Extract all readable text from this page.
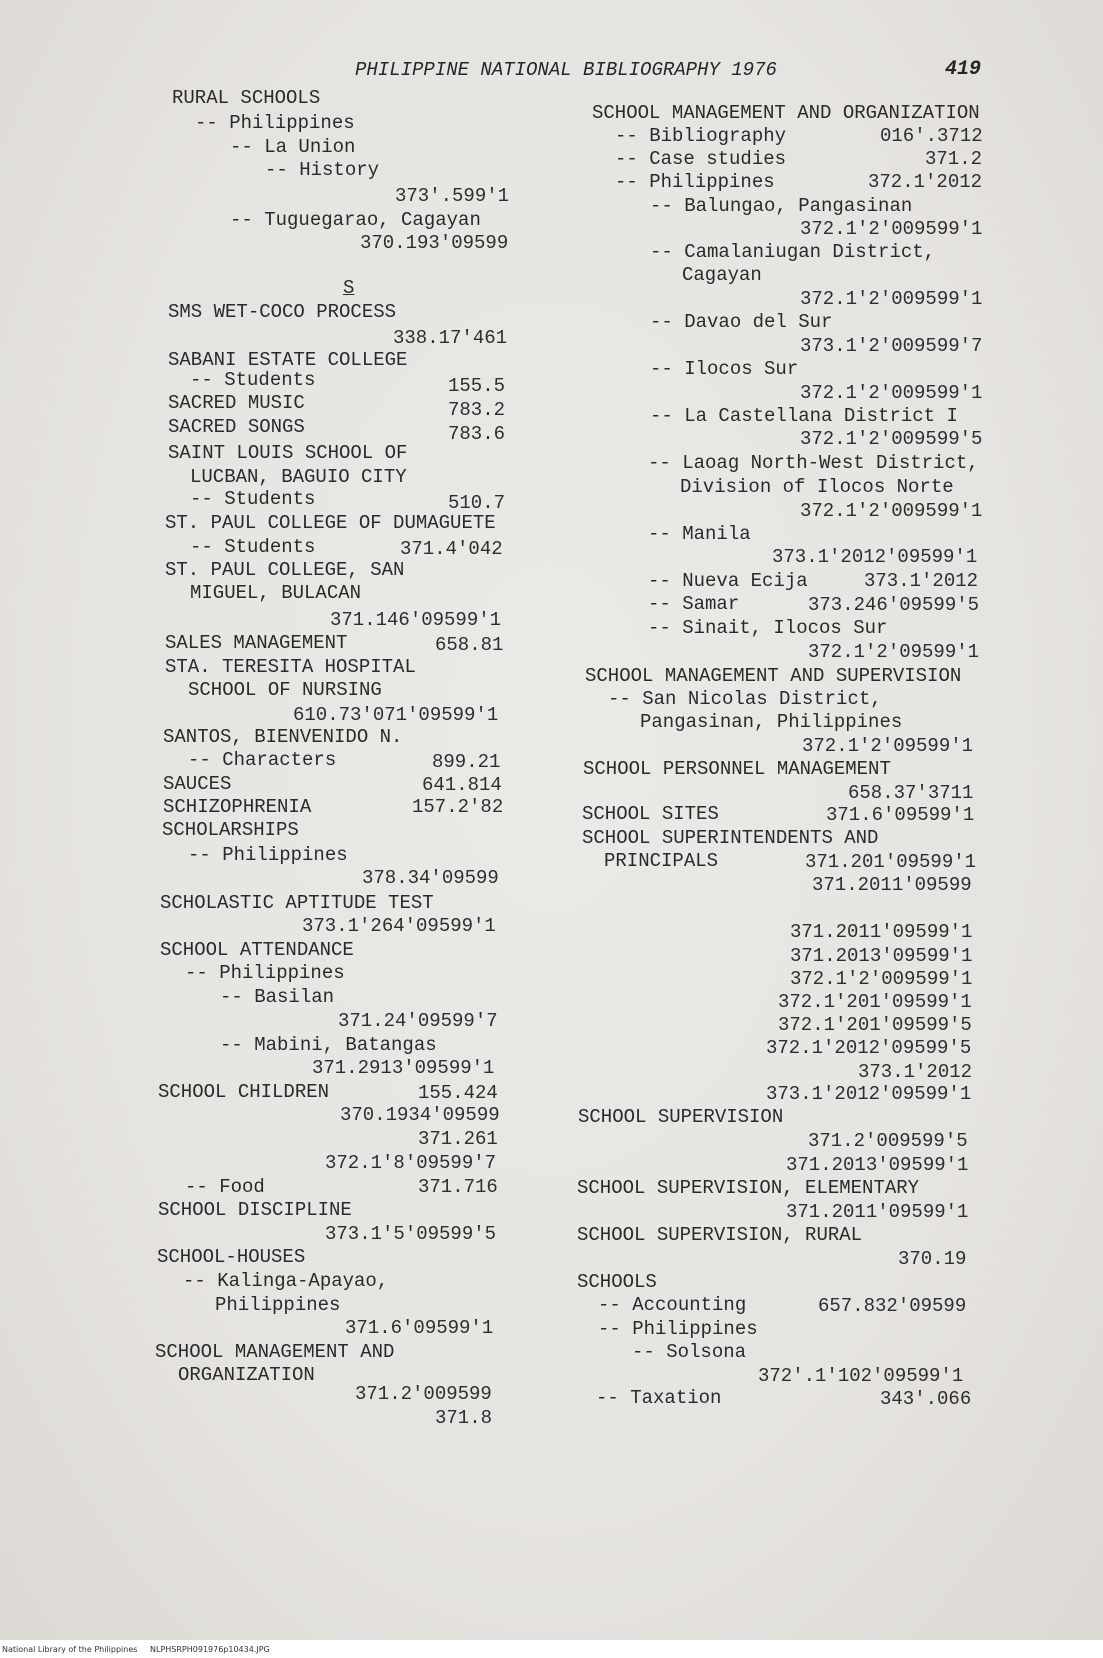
PHILIPPINE NATIONAL BIBLIOGRAPHY 1976	419
RURAL SCHOOLS
-- Philippines
-- La Union
-- History
373'.599'1
-- Tuguegarao, Cagayan
370.193'09599
S
SMS WET-COCO PROCESS
338.17'461
SABANI ESTATE COLLEGE
-- Students	155.5
SACRED MUSIC	783.2
SACRED SONGS	783.6
SAINT LOUIS SCHOOL OF
LUCBAN, BAGUIO CITY
-- Students	510.7
ST. PAUL COLLEGE OF DUMAGUETE
-- Students	371.4'042
ST. PAUL COLLEGE, SAN
MIGUEL, BULACAN
371.146'09599'1
SALES MANAGEMENT	658.81
STA. TERESITA HOSPITAL
SCHOOL OF NURSING
610.73'071'09599'1
SANTOS, BIENVENIDO N.
-- Characters	899.21
SAUCES	641.814
SCHIZOPHRENIA	157.2'82
SCHOLARSHIPS
-- Philippines
378.34'09599
SCHOLASTIC APTITUDE TEST
373.1'264'09599'1
SCHOOL ATTENDANCE
-- Philippines
-- Basilan
371.24'09599'7
-- Mabini, Batangas
371.2913'09599'1
SCHOOL CHILDREN	155.424
370.1934'09599
371.261
372.1'8'09599'7
-- Food	371.716
SCHOOL DISCIPLINE
373.1'5'09599'5
SCHOOL-HOUSES
-- Kalinga-Apayao,
Philippines
371.6'09599'1
SCHOOL MANAGEMENT AND
ORGANIZATION
371.2'009599
371.8
SCHOOL MANAGEMENT AND ORGANIZATION
-- Bibliography	016'.3712
-- Case studies	371.2
-- Philippines	372.1'2012
-- Balungao, Pangasinan
372.1'2'009599'1
-- Camalaniugan District,
Cagayan
372.1'2'009599'1
-- Davao del Sur
373.1'2'009599'7
-- Ilocos Sur
372.1'2'009599'1
-- La Castellana District I
372.1'2'009599'5
-- Laoag North-West District,
Division of Ilocos Norte
372.1'2'009599'1
-- Manila
373.1'2012'09599'1
-- Nueva Ecija	373.1'2012
-- Samar	373.246'09599'5
-- Sinait, Ilocos Sur
372.1'2'09599'1
SCHOOL MANAGEMENT AND SUPERVISION
-- San Nicolas District,
Pangasinan, Philippines
372.1'2'09599'1
SCHOOL PERSONNEL MANAGEMENT
658.37'3711
SCHOOL SITES	371.6'09599'1
SCHOOL SUPERINTENDENTS AND
PRINCIPALS	371.201'09599'1
371.2011'09599
371.2011'09599'1
371.2013'09599'1
372.1'2'009599'1
372.1'201'09599'1
372.1'201'09599'5
372.1'2012'09599'5
373.1'2012
373.1'2012'09599'1
SCHOOL SUPERVISION
371.2'009599'5
371.2013'09599'1
SCHOOL SUPERVISION, ELEMENTARY
371.2011'09599'1
SCHOOL SUPERVISION, RURAL
370.19
SCHOOLS
-- Accounting	657.832'09599
-- Philippines
-- Solsona
372'.1'102'09599'1
-- Taxation	343'.066
National Library of the Philippines NLPHSRPH091976p10434.JPG
